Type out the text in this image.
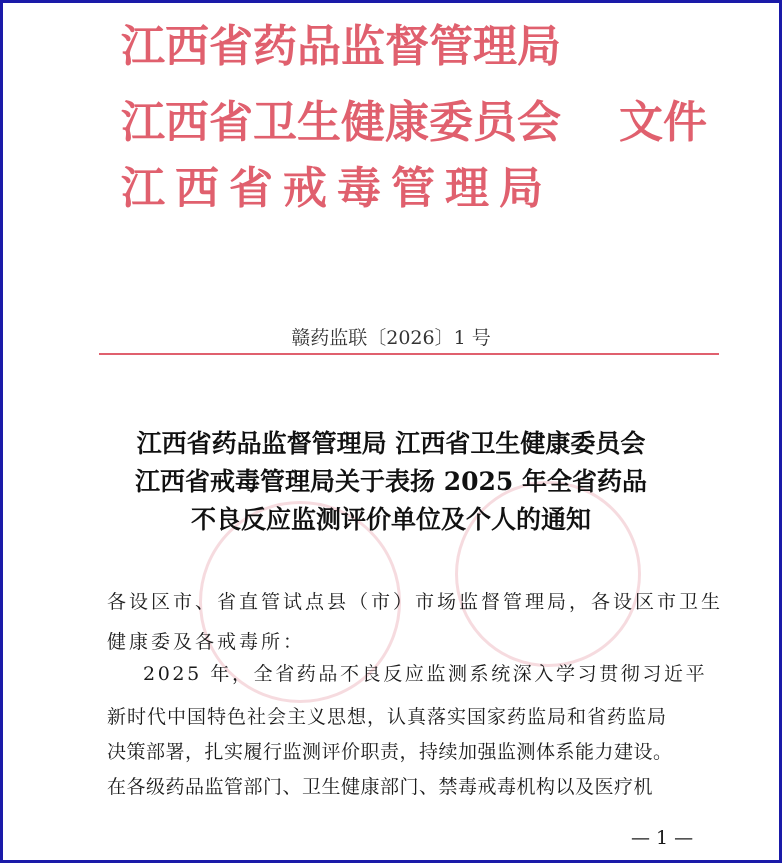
江西省药品监督管理局
江西省卫生健康委员会
江西省戒毒管理局
文件
赣药监联〔2026〕1 号
江西省药品监督管理局 江西省卫生健康委员会
江西省戒毒管理局关于表扬 2025 年全省药品
不良反应监测评价单位及个人的通知
各设区市、省直管试点县（市）市场监督管理局，各设区市卫生
健康委及各戒毒所：
2025 年，全省药品不良反应监测系统深入学习贯彻习近平
新时代中国特色社会主义思想，认真落实国家药监局和省药监局
决策部署，扎实履行监测评价职责，持续加强监测体系能力建设。
在各级药品监管部门、卫生健康部门、禁毒戒毒机构以及医疗机
— 1 —
